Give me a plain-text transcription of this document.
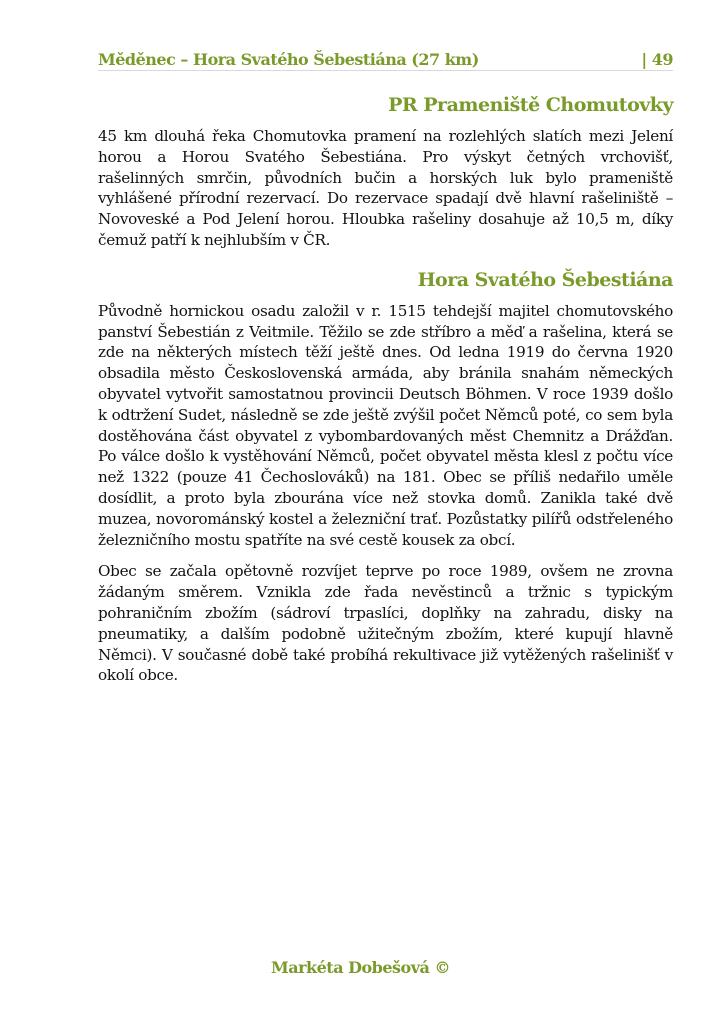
Měděnec – Hora Svatého Šebestiána (27 km)	| 49
PR Prameniště Chomutovky

45 km dlouhá řeka Chomutovka pramení na rozlehlých slatích mezi Jelení horou a Horou Svatého Šebestiána. Pro výskyt četných vrchovišť, rašelinných smrčin, původních bučin a horských luk bylo prameniště vyhlášené přírodní rezervací. Do rezervace spadají dvě hlavní rašeliniště – Novoveské a Pod Jelení horou. Hloubka rašeliny dosahuje až 10,5 m, díky čemuž patří k nejhlubším v ČR.

Hora Svatého Šebestiána

Původně hornickou osadu založil v r. 1515 tehdejší majitel chomutovského panství Šebestián z Veitmile. Těžilo se zde stříbro a měď a rašelina, která se zde na některých místech těží ještě dnes. Od ledna 1919 do června 1920 obsadila město Československá armáda, aby bránila snahám německých obyvatel vytvořit samostatnou provincii Deutsch Böhmen. V roce 1939 došlo k odtržení Sudet, následně se zde ještě zvýšil počet Němců poté, co sem byla dostěhována část obyvatel z vybombardovaných měst Chemnitz a Drážďan. Po válce došlo k vystěhování Němců, počet obyvatel města klesl z počtu více než 1322 (pouze 41 Čechoslováků) na 181. Obec se příliš nedařilo uměle dosídlit, a proto byla zbourána více než stovka domů. Zanikla také dvě muzea, novorománský kostel a železniční trať. Pozůstatky pilířů odstřeleného železničního mostu spatříte na své cestě kousek za obcí.

Obec se začala opětovně rozvíjet teprve po roce 1989, ovšem ne zrovna žádaným směrem. Vznikla zde řada nevěstinců a tržnic s typickým pohraničním zbožím (sádroví trpaslíci, doplňky na zahradu, disky na pneumatiky, a dalším podobně užitečným zbožím, které kupují hlavně Němci). V současné době také probíhá rekultivace již vytěžených rašelinišť v okolí obce.

Markéta Dobešová ©
